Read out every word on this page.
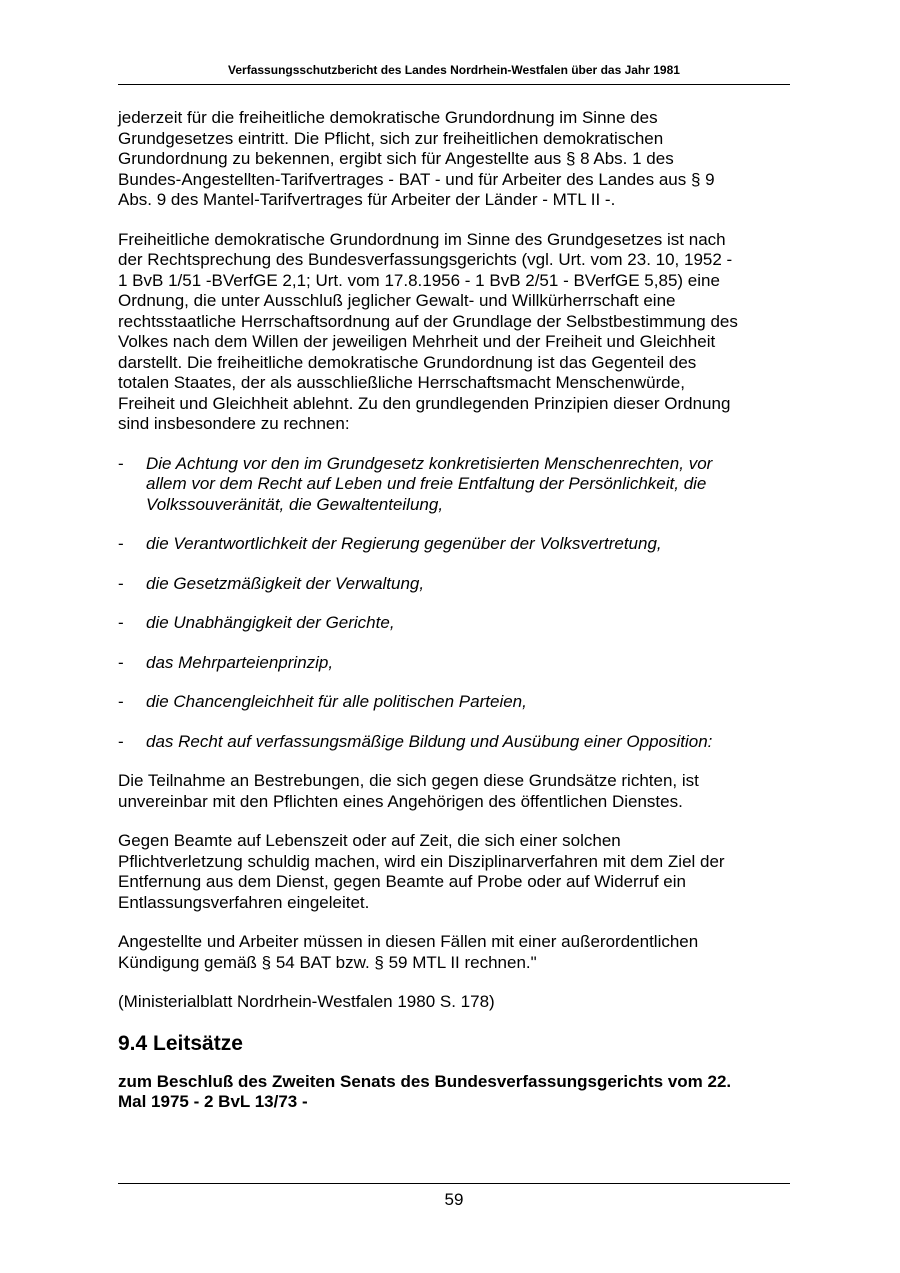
Verfassungsschutzbericht des Landes Nordrhein-Westfalen über das Jahr 1981

jederzeit für die freiheitliche demokratische Grundordnung im Sinne des
Grundgesetzes eintritt. Die Pflicht, sich zur freiheitlichen demokratischen
Grundordnung zu bekennen, ergibt sich für Angestellte aus § 8 Abs. 1 des
Bundes-Angestellten-Tarifvertrages - BAT - und für Arbeiter des Landes aus § 9
Abs. 9 des Mantel-Tarifvertrages für Arbeiter der Länder - MTL II -.

Freiheitliche demokratische Grundordnung im Sinne des Grundgesetzes ist nach
der Rechtsprechung des Bundesverfassungsgerichts (vgl. Urt. vom 23. 10, 1952 -
1 BvB 1/51 -BVerfGE 2,1; Urt. vom 17.8.1956 - 1 BvB 2/51 - BVerfGE 5,85) eine
Ordnung, die unter Ausschluß jeglicher Gewalt- und Willkürherrschaft eine
rechtsstaatliche Herrschaftsordnung auf der Grundlage der Selbstbestimmung des
Volkes nach dem Willen der jeweiligen Mehrheit und der Freiheit und Gleichheit
darstellt. Die freiheitliche demokratische Grundordnung ist das Gegenteil des
totalen Staates, der als ausschließliche Herrschaftsmacht Menschenwürde,
Freiheit und Gleichheit ablehnt. Zu den grundlegenden Prinzipien dieser Ordnung
sind insbesondere zu rechnen:

- Die Achtung vor den im Grundgesetz konkretisierten Menschenrechten, vor
allem vor dem Recht auf Leben und freie Entfaltung der Persönlichkeit, die
Volkssouveränität, die Gewaltenteilung,
- die Verantwortlichkeit der Regierung gegenüber der Volksvertretung,
- die Gesetzmäßigkeit der Verwaltung,
- die Unabhängigkeit der Gerichte,
- das Mehrparteienprinzip,
- die Chancengleichheit für alle politischen Parteien,
- das Recht auf verfassungsmäßige Bildung und Ausübung einer Opposition:

Die Teilnahme an Bestrebungen, die sich gegen diese Grundsätze richten, ist
unvereinbar mit den Pflichten eines Angehörigen des öffentlichen Dienstes.

Gegen Beamte auf Lebenszeit oder auf Zeit, die sich einer solchen
Pflichtverletzung schuldig machen, wird ein Disziplinarverfahren mit dem Ziel der
Entfernung aus dem Dienst, gegen Beamte auf Probe oder auf Widerruf ein
Entlassungsverfahren eingeleitet.

Angestellte und Arbeiter müssen in diesen Fällen mit einer außerordentlichen
Kündigung gemäß § 54 BAT bzw. § 59 MTL II rechnen."

(Ministerialblatt Nordrhein-Westfalen 1980 S. 178)

9.4 Leitsätze

zum Beschluß des Zweiten Senats des Bundesverfassungsgerichts vom 22.
Mal 1975 - 2 BvL 13/73 -

59
